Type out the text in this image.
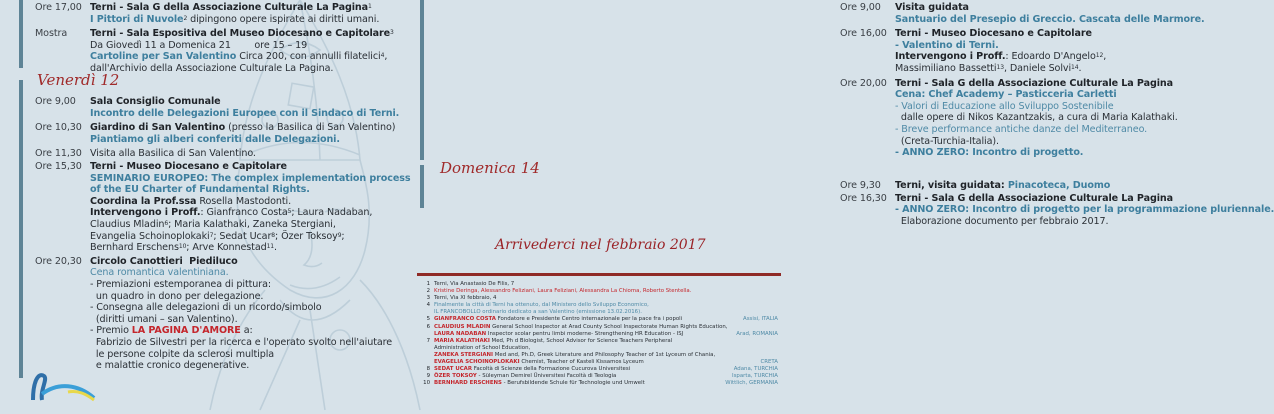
Ore 17,00 Terni - Sala G della Associazione Culturale La Pagina$^1$
I Pittori di Nuvole$^2$ dipingono opere ispirate ai diritti umani.
Mostra	Terni - Sala Espositiva del Museo Diocesano e Capitolare$^3$
Da Giovedì 11 a Domenica 21        ore 15 – 19
Cartoline per San Valentino Circa 200, con annulli filatelici$^4$,
dall'Archivio della Associazione Culturale La Pagina.
Venerdì 12
Ore 9,00	Sala Consiglio Comunale
Incontro delle Delegazioni Europee con il Sindaco di Terni.
Ore 10,30 Giardino di San Valentino (presso la Basilica di San Valentino)
Piantiamo gli alberi conferiti dalle Delegazioni.
Ore 11,30 Visita alla Basilica di San Valentino.
Ore 15,30 Terni - Museo Diocesano e Capitolare
SEMINARIO EUROPEO: The complex implementation process
of the EU Charter of Fundamental Rights.
Coordina la Prof.ssa Rosella Mastodonti.
Intervengono i Proff.: Gianfranco Costa$^5$; Laura Nadaban,
Claudius Mladin$^6$; Maria Kalathaki, Zaneka Stergiani,
Evangelia Schoinoplokaki$^7$; Sedat Ucar$^8$; Özer Toksoy$^9$;
Bernhard Erschens$^{10}$; Arve Konnestad$^{11}$.
Ore 20,30 Circolo Canottieri  Piediluco
Cena romantica valentiniana.
- Premiazioni estemporanea di pittura:
un quadro in dono per delegazione.
- Consegna alle delegazioni di un ricordo/simbolo
(diritti umani – san Valentino).
- Premio LA PAGINA D'AMORE a:
Fabrizio de Silvestri per la ricerca e l'operato svolto nell'aiutare
le persone colpite da sclerosi multipla
e malattie cronico degenerative.
Ore 9,00	Visita guidata
Santuario del Presepio di Greccio. Cascata delle Marmore.
Ore 16,00 Terni - Museo Diocesano e Capitolare
- Valentino di Terni.
Intervengono i Proff.: Edoardo D'Angelo$^{12}$,
Massimiliano Bassetti$^{13}$, Daniele Solvi$^{14}$.
Ore 20,00 Terni - Sala G della Associazione Culturale La Pagina
Cena: Chef Academy – Pasticceria Carletti
- Valori di Educazione allo Sviluppo Sostenibile
dalle opere di Nikos Kazantzakis, a cura di Maria Kalathaki.
- Breve performance antiche danze del Mediterraneo.
(Creta-Turchia-Italia).
- ANNO ZERO: Incontro di progetto.
Domenica 14
Ore 9,30	Terni, visita guidata: Pinacoteca, Duomo
Ore 16,30 Terni - Sala G della Associazione Culturale La Pagina
- ANNO ZERO: Incontro di progetto per la programmazione pluriennale.
Elaborazione documento per febbraio 2017.
Arrivederci nel febbraio 2017
1 Terni, Via Anastasio De Filis, 7
2 Kristine Deringa, Alessandro Feliziani, Laura Feliziani, Alessandra La Chioma, Roberto Stentella.
3 Terni, Via XI febbraio, 4
4 Finalmente la città di Terni ha ottenuto, dal Ministero dello Sviluppo Economico,
IL FRANCOBOLLO ordinario dedicato a san Valentino (emissione 13.02.2016).
5 GIANFRANCO COSTA Fondatore e Presidente Centro internazionale per la pace fra i popoli	Assisi, ITALIA
6 CLAUDIUS MLADIN General School Inspector at Arad County School Inspectorate Human Rights Education,
LAURA NADABAN Inspector scolar pentru limbi moderne- Strengthening HR Education - ISJ	Arad, ROMANIA
7 MARIA KALATHAKI Med, Ph d Biologist, School Advisor for Science Teachers Peripheral
Administration of School Education,
ZANEKA STERGIANI Med and, Ph.D, Greek Literature and Philosophy Teacher of 1st Lyceum of Chania,
EVAGELIA SCHOINOPLOKAKI Chemist, Teacher of Kasteli Kissamos Lyceum	CRETA
8 SEDAT UCAR Facoltà di Scienze della Formazione Cucurova Universitesi	Adana, TURCHIA
9 ÖZER TOKSOY - Süleyman Demirel Üniversitesi Facoltà di Teologia	Isparta, TURCHIA
10 BERNHARD ERSCHENS - Berufsbildende Schule für Technologie und Umwelt	Wittlich, GERMANIA
